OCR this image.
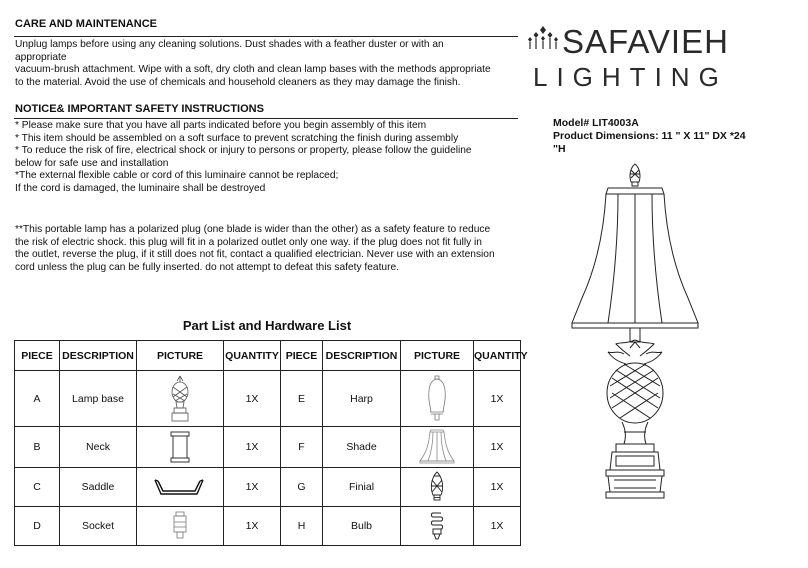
CARE AND MAINTENANCE
Unplug lamps before using any cleaning solutions. Dust shades with a feather duster or with an
appropriate
vacuum-brush attachment. Wipe with a soft, dry cloth and clean lamp bases with the methods appropriate
to the material. Avoid the use of chemicals and household cleaners as they may damage the finish.
NOTICE& IMPORTANT SAFETY INSTRUCTIONS
* Please make sure that you have all parts indicated before you begin assembly of this item
* This item should be assembled on a soft surface to prevent scratching the finish during assembly
* To reduce the risk of fire, electrical shock or injury to persons or property, please follow the guideline
below for safe use and installation
*The external flexible cable or cord of this luminaire cannot be replaced;
If the cord is damaged, the luminaire shall be destroyed
**This portable lamp has a polarized plug (one blade is wider than the other) as a safety feature to reduce
the risk of electric shock. this plug will fit in a polarized outlet only one way. if the plug does not fit fully in
the outlet, reverse the plug, if it still does not fit, contact a qualified electrician. Never use with an extension
cord unless the plug can be fully inserted. do not attempt to defeat this safety feature.
SAFAVIEH
LIGHTING
Model# LIT4003A
Product Dimensions: 11 " X 11" DX *24
"H
Part List and Hardware List
PIECE	DESCRIPTION	PICTURE	QUANTITY	PIECE	DESCRIPTION	PICTURE	QUANTITY
A	Lamp base		1X	E	Harp		1X
B	Neck		1X	F	Shade		1X
C	Saddle		1X	G	Finial		1X
D	Socket		1X	H	Bulb		1X
